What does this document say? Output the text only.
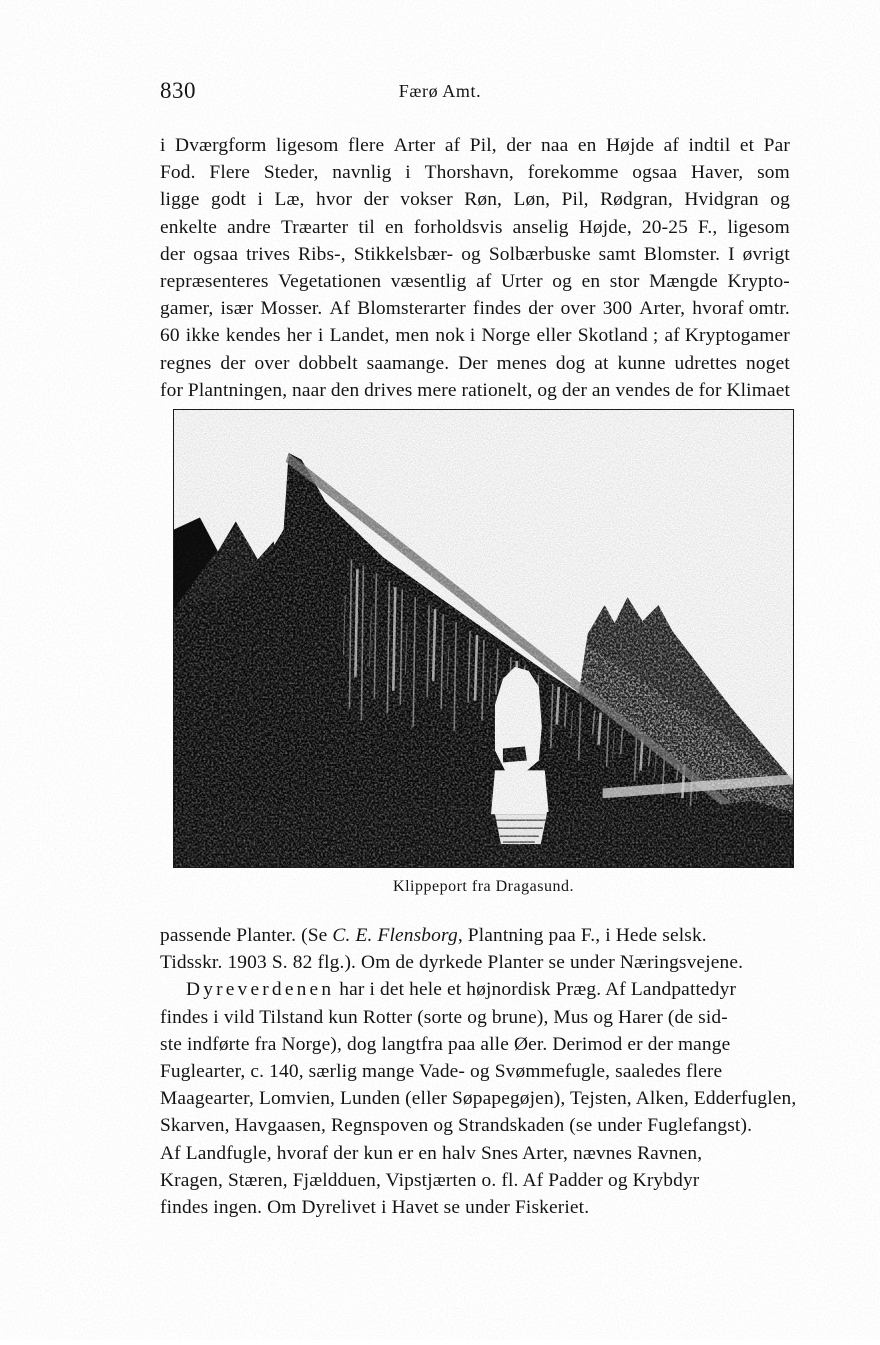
830	Færø Amt.
i Dværgform ligesom flere Arter af Pil, der naa en Højde af indtil et Par
Fod. Flere Steder, navnlig i Thorshavn, forekomme ogsaa Haver, som
ligge godt i Læ, hvor der vokser Røn, Løn, Pil, Rødgran, Hvidgran og
enkelte andre Træarter til en forholdsvis anselig Højde, 20-25 F., ligesom
der ogsaa trives Ribs-, Stikkelsbær- og Solbærbuske samt Blomster. I øvrigt
repræsenteres Vegetationen væsentlig af Urter og en stor Mængde Krypto-
gamer, især Mosser. Af Blomsterarter findes der over 300 Arter, hvoraf omtr.
60 ikke kendes her i Landet, men nok i Norge eller Skotland ; af Kryptogamer
regnes der over dobbelt saamange. Der menes dog at kunne udrettes noget
for Plantningen, naar den drives mere rationelt, og der an vendes de for Klimaet
Klippeport fra Dragasund.
passende Planter. (Se C. E. Flensborg, Plantning paa F., i Hede selsk.
Tidsskr. 1903 S. 82 flg.). Om de dyrkede Planter se under Næringsvejene.
Dyreverdenen har i det hele et højnordisk Præg. Af Landpattedyr
findes i vild Tilstand kun Rotter (sorte og brune), Mus og Harer (de sid-
ste indførte fra Norge), dog langtfra paa alle Øer. Derimod er der mange
Fuglearter, c. 140, særlig mange Vade- og Svømmefugle, saaledes flere
Maagearter, Lomvien, Lunden (eller Søpapegøjen), Tejsten, Alken, Edderfuglen,
Skarven, Havgaasen, Regnspoven og Strandskaden (se under Fuglefangst).
Af Landfugle, hvoraf der kun er en halv Snes Arter, nævnes Ravnen,
Kragen, Stæren, Fjældduen, Vipstjærten o. fl. Af Padder og Krybdyr
findes ingen. Om Dyrelivet i Havet se under Fiskeriet.
